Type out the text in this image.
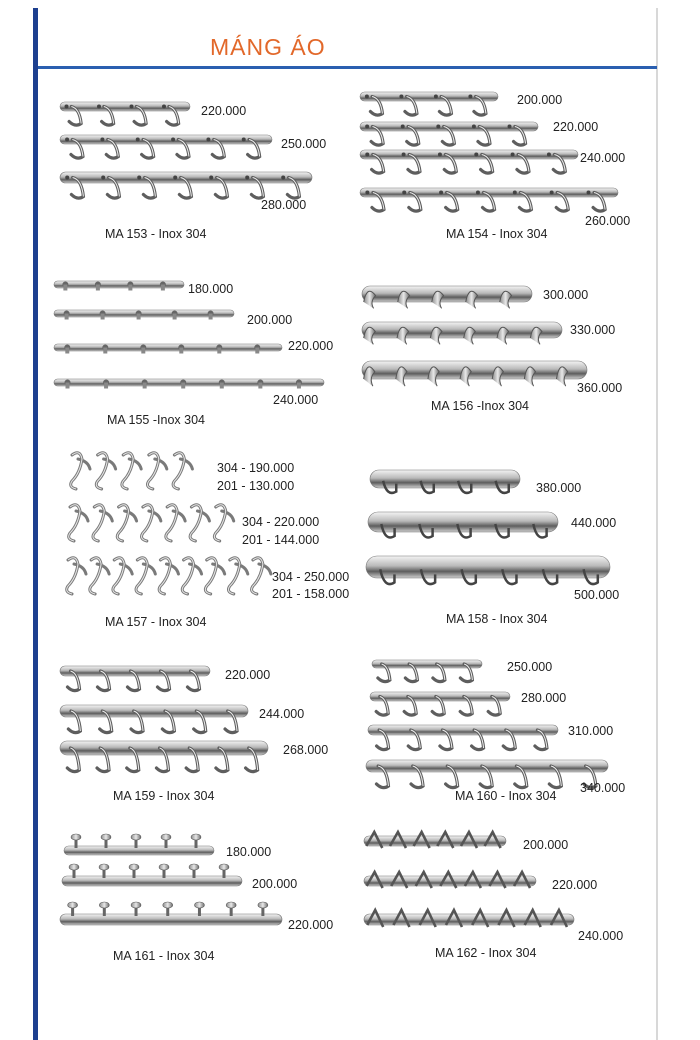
MÁNG ÁO
220.000
250.000
280.000
MA 153 - Inox 304
200.000
220.000
240.000
260.000
MA 154 - Inox 304
180.000
200.000
220.000
240.000
MA 155 -Inox 304
300.000
330.000
360.000
MA 156 -Inox 304
304 - 190.000
201 - 130.000
304 - 220.000
201 - 144.000
304 - 250.000
201 - 158.000
MA 157 - Inox 304
380.000
440.000
500.000
MA 158 - Inox 304
220.000
244.000
268.000
MA 159 - Inox 304
250.000
280.000
310.000
340.000
MA 160 - Inox 304
180.000
200.000
220.000
MA 161 - Inox 304
200.000
220.000
240.000
MA 162 - Inox 304
